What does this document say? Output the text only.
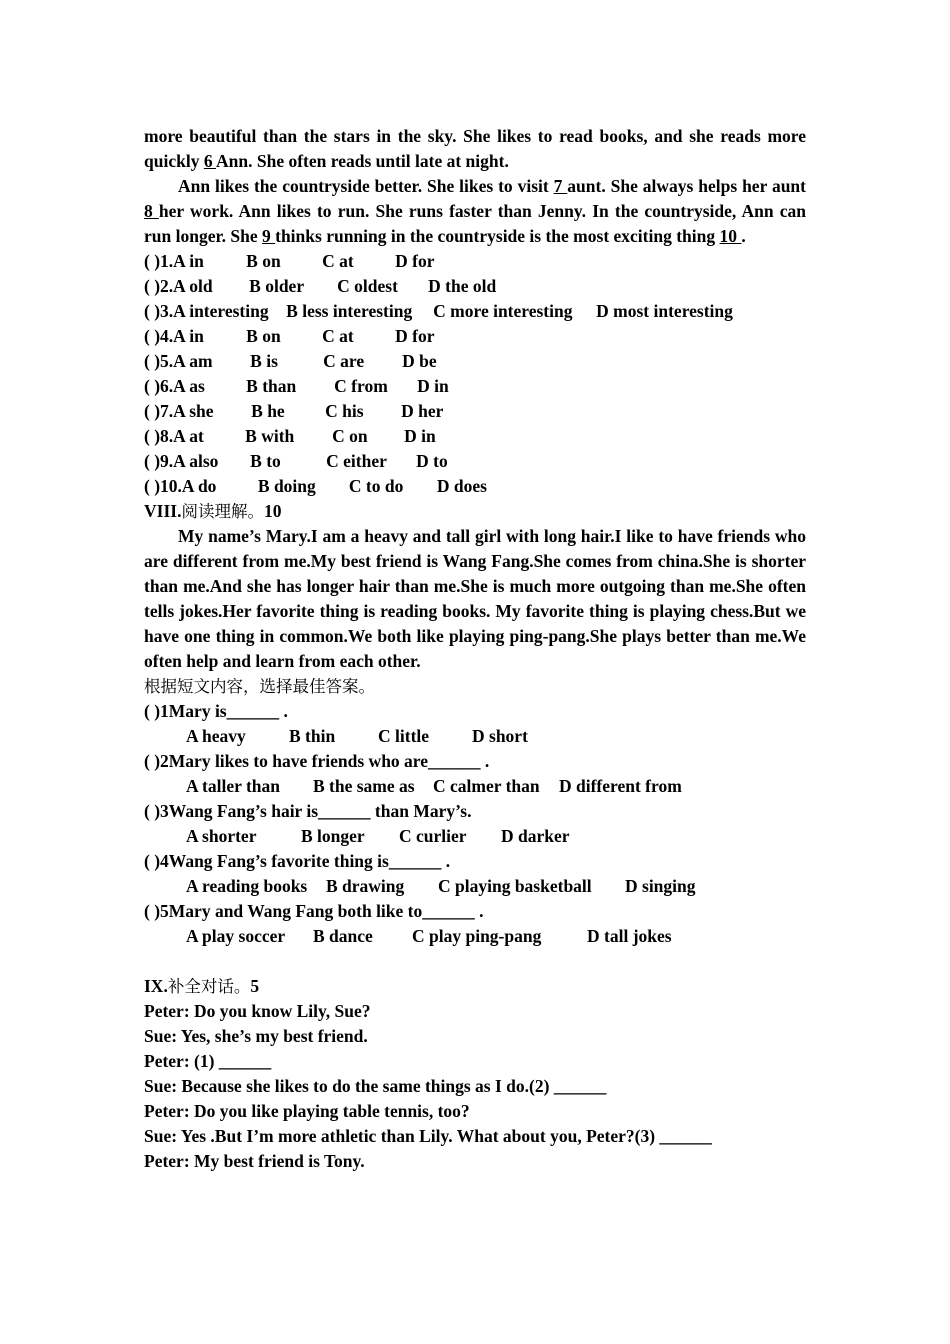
more beautiful than the stars in the sky. She likes to read books, and she reads more quickly 6 Ann. She often reads until late at night.

Ann likes the countryside better. She likes to visit 7 aunt. She always helps her aunt 8 her work. Ann likes to run. She runs faster than Jenny. In the countryside, Ann can run longer. She 9 thinks running in the countryside is the most exciting thing 10 .

( )1.A in B on C at D for
( )2.A old B older C oldest D the old
( )3.A interesting B less interesting C more interesting D most interesting
( )4.A in B on C at D for
( )5.A am B is	C are D be
( )6.A as B than C from D in
( )7.A she B he C his D her
( )8.A at B with C on D in
( )9.A also B to	C either D to
( )10.A do B doing C to do D does
VIII.阅读理解。10

My name’s Mary.I am a heavy and tall girl with long hair.I like to have friends who are different from me.My best friend is Wang Fang.She comes from china.She is shorter than me.And she has longer hair than me.She is much more outgoing than me.She often tells jokes.Her favorite thing is reading books. My favorite thing is playing chess.But we have one thing in common.We both like playing ping-pang.She plays better than me.We often help and learn from each other.

根据短文内容，选择最佳答案。
( )1Mary is______ .
A heavy B thin C little D short
( )2Mary likes to have friends who are______ .
A taller than B the same as C calmer than D different from
( )3Wang Fang’s hair is______ than Mary’s.
A shorter	B longer C curlier D darker
( )4Wang Fang’s favorite thing is______ .
A reading books B drawing C playing basketball D singing
( )5Mary and Wang Fang both like to______ .
A play soccer B dance C play ping-pang	D tall jokes
IX.补全对话。5
Peter: Do you know Lily, Sue?
Sue: Yes, she’s my best friend.
Peter: (1) ______
Sue: Because she likes to do the same things as I do.(2) ______
Peter: Do you like playing table tennis, too?
Sue: Yes .But I’m more athletic than Lily. What about you, Peter?(3) ______
Peter: My best friend is Tony.
